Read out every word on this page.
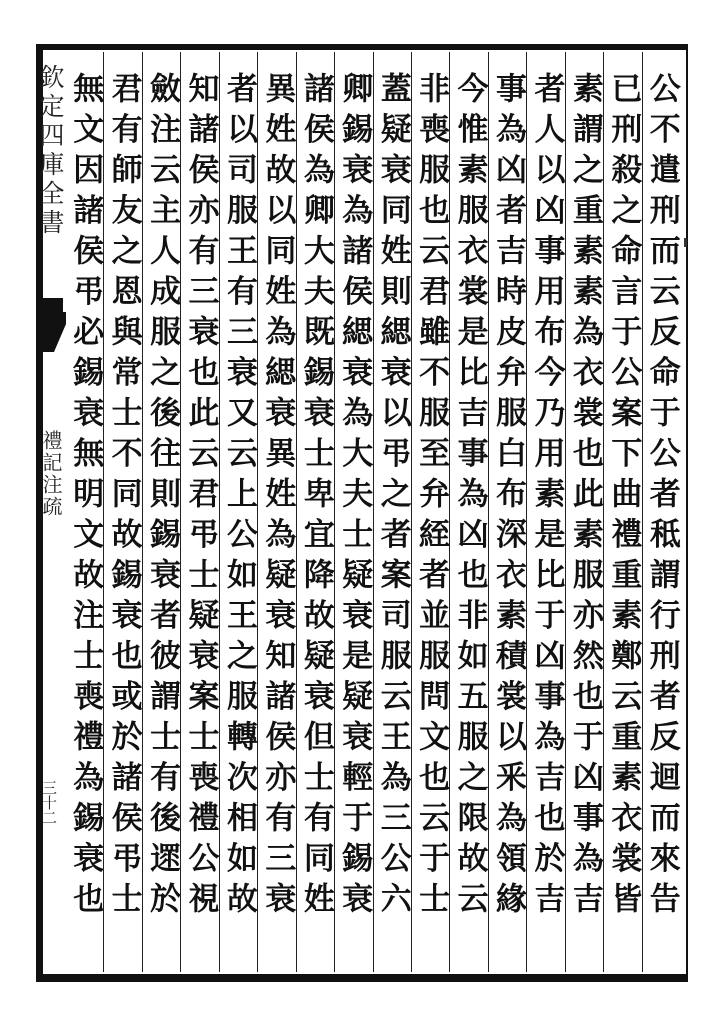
欽定四庫全書
禮記注疏
三十二	公不遣刑而云反命于公者秪謂行刑者反迴而來告
已刑殺之命言于公案下曲禮重素鄭云重素衣裳皆
素謂之重素素為衣裳也此素服亦然也于凶事為吉
者人以凶事用布今乃用素是比于凶事為吉也於吉
事為凶者吉時皮弁服白布深衣素積裳以釆為領緣
今惟素服衣裳是比吉事為凶也非如五服之限故云
非喪服也云君雖不服至弁絰者並服問文也云于士
蓋疑衰同姓則緦衰以弔之者案司服云王為三公六
卿錫衰為諸侯緦衰為大夫士疑衰是疑衰輕于錫衰
諸侯為卿大夫既錫衰士卑宜降故疑衰但士有同姓
異姓故以同姓為緦衰異姓為疑衰知諸侯亦有三衰
者以司服王有三衰又云上公如王之服轉次相如故
知諸侯亦有三衰也此云君弔士疑衰案士喪禮公視
斂注云主人成服之後往則錫衰者彼謂士有後遝於
君有師友之恩與常士不同故錫衰也或於諸侯弔士
無文因諸侯弔必錫衰無明文故注士喪禮為錫衰也
